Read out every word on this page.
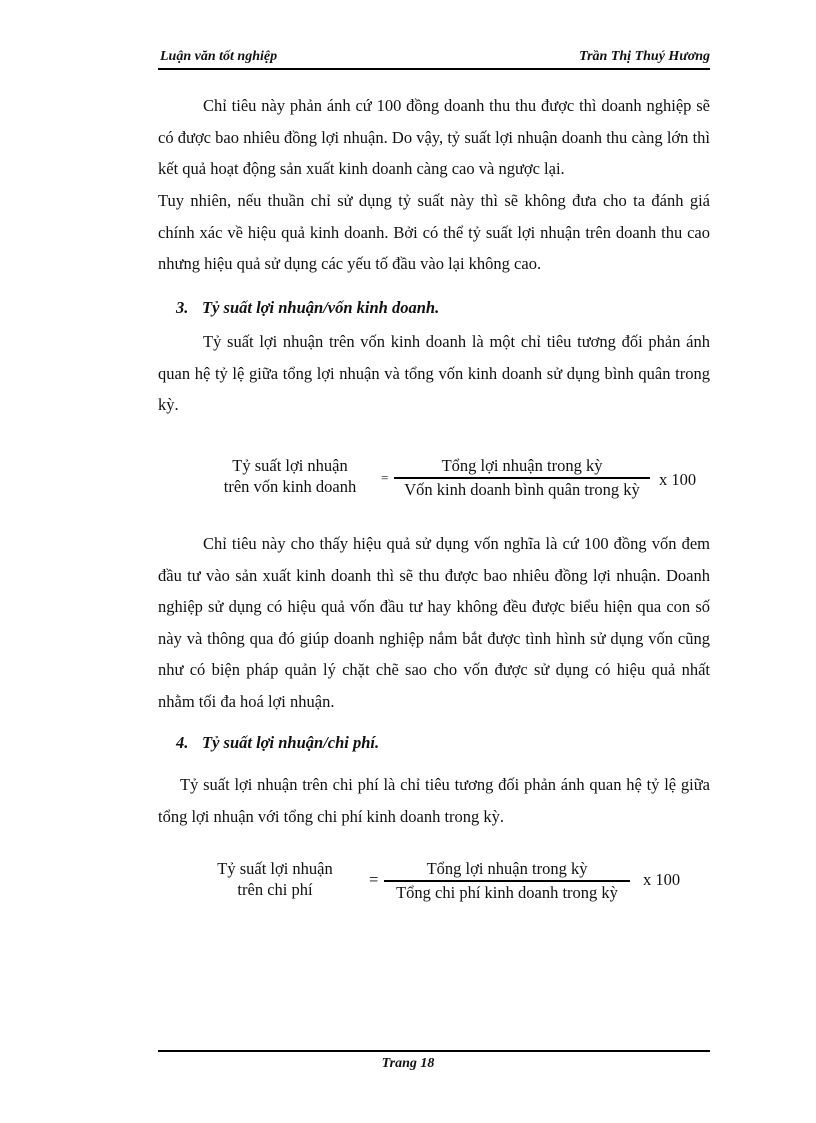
Luận văn tốt nghiệp	Trần Thị Thuý Hương

Chỉ tiêu này phản ánh cứ 100 đồng doanh thu thu được thì doanh nghiệp sẽ có được bao nhiêu đồng lợi nhuận. Do vậy, tỷ suất lợi nhuận doanh thu càng lớn thì kết quả hoạt động sản xuất kinh doanh càng cao và ngược lại.

Tuy nhiên, nếu thuần chỉ sử dụng tỷ suất này thì sẽ không đưa cho ta đánh giá chính xác về hiệu quả kinh doanh. Bởi có thể tỷ suất lợi nhuận trên doanh thu cao nhưng hiệu quả sử dụng các yếu tố đầu vào lại không cao.

3. Tỷ suất lợi nhuận/vốn kinh doanh.

Tỷ suất lợi nhuận trên vốn kinh doanh là một chỉ tiêu tương đối phản ánh quan hệ tỷ lệ giữa tổng lợi nhuận và tổng vốn kinh doanh sử dụng bình quân trong kỳ.

Tỷ suất lợi nhuận
trên vốn kinh doanh	=
Tổng lợi nhuận trong kỳ
Vốn kinh doanh bình quân trong kỳ	x 100

Chỉ tiêu này cho thấy hiệu quả sử dụng vốn nghĩa là cứ 100 đồng vốn đem đầu tư vào sản xuất kinh doanh thì sẽ thu được bao nhiêu đồng lợi nhuận. Doanh nghiệp sử dụng có hiệu quả vốn đầu tư hay không đều được biểu hiện qua con số này và thông qua đó giúp doanh nghiệp nắm bắt được tình hình sử dụng vốn cũng như có biện pháp quản lý chặt chẽ sao cho vốn được sử dụng có hiệu quả nhất nhằm tối đa hoá lợi nhuận.

4. Tỷ suất lợi nhuận/chi phí.

Tỷ suất lợi nhuận trên chi phí là chỉ tiêu tương đối phản ánh quan hệ tỷ lệ giữa tổng lợi nhuận với tổng chi phí kinh doanh trong kỳ.

Tỷ suất lợi nhuận
trên chi phí
=
Tổng lợi nhuận trong kỳ
Tổng chi phí kinh doanh trong kỳ
x 100
Trang 18
